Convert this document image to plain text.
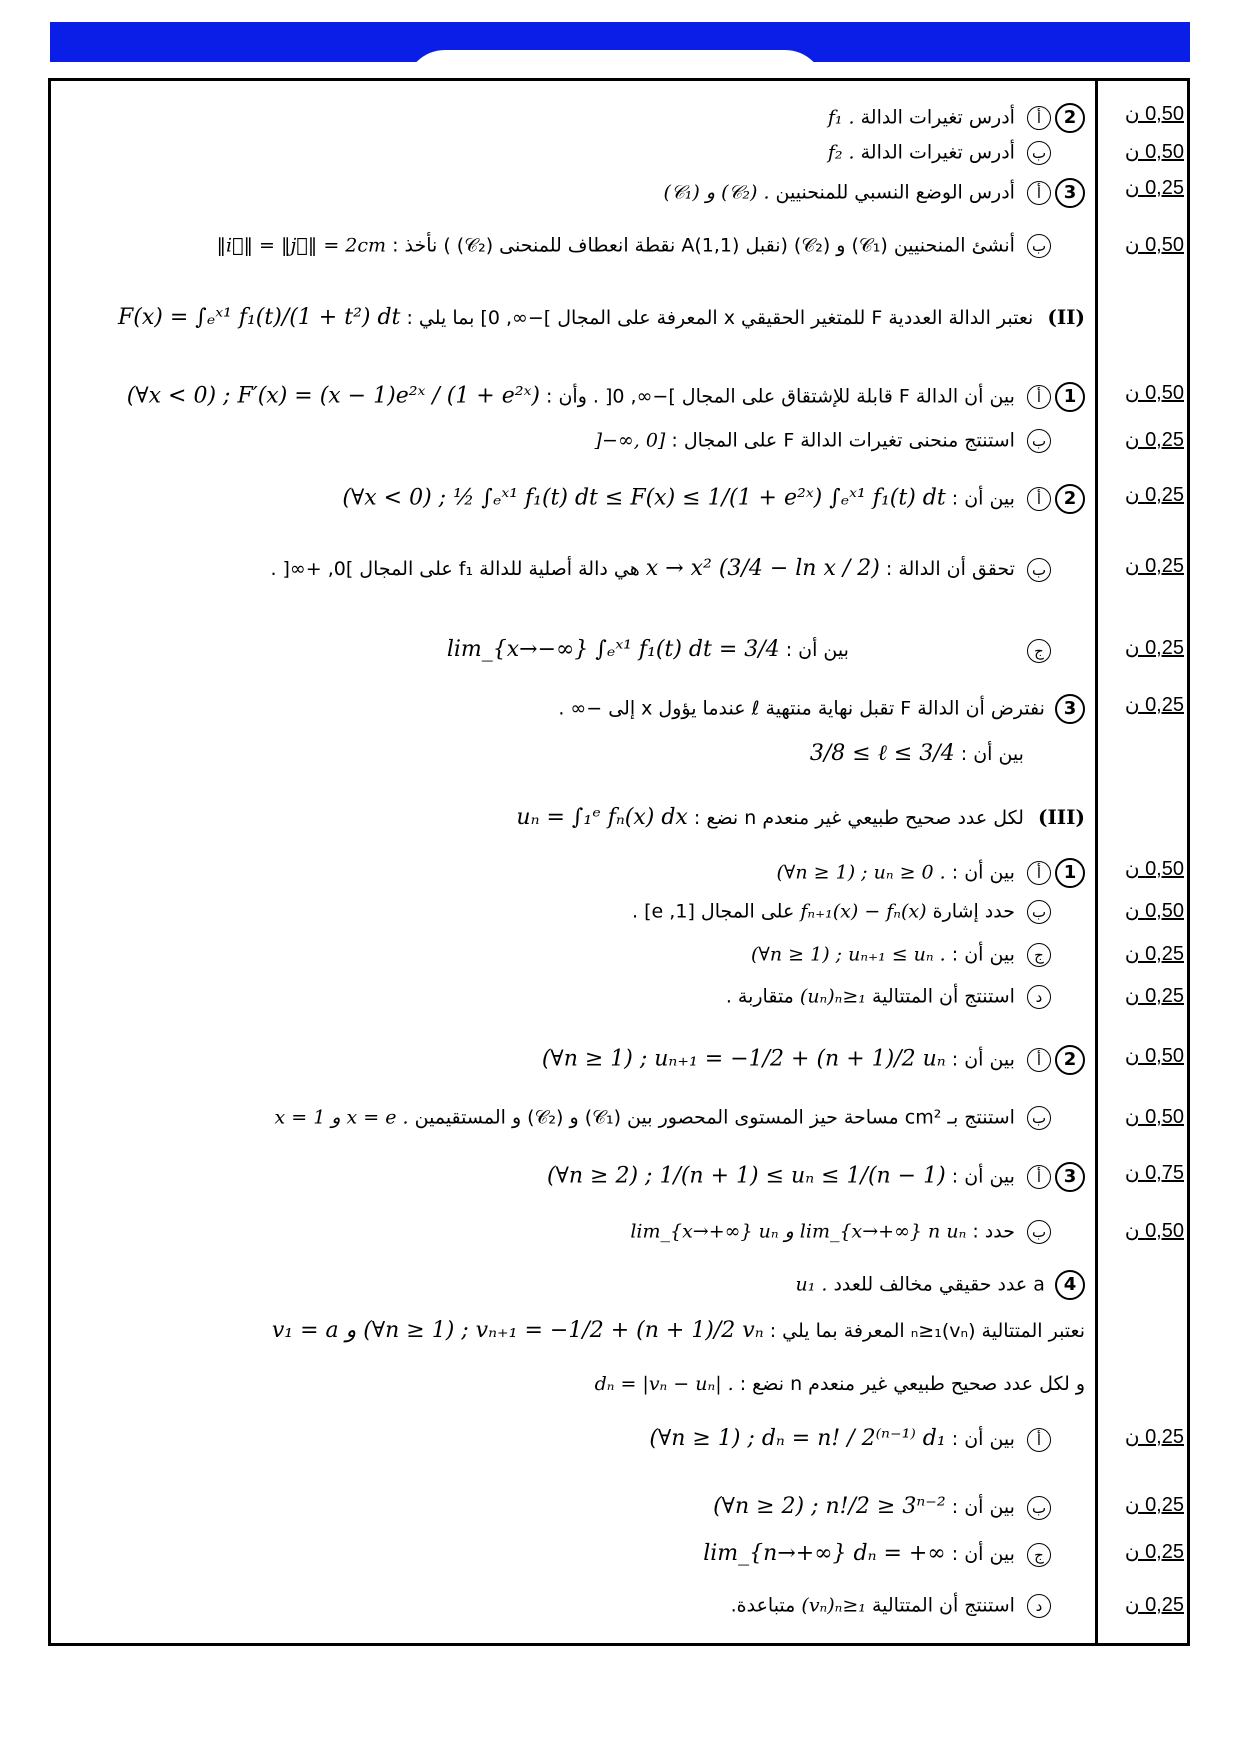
0,50 ن
2أ أدرس تغيرات الدالة f₁ .
0,50 ن
ب أدرس تغيرات الدالة f₂ .
0,25 ن
3أ أدرس الوضع النسبي للمنحنيين (𝒞₁) و (𝒞₂) .
0,50 ن
ب أنشئ المنحنيين (𝒞₁) و (𝒞₂) (نقبل A(1,1) نقطة انعطاف للمنحنى (𝒞₂) ) نأخذ : ‖i⃗‖ = ‖j⃗‖ = 2cm
(II) نعتبر الدالة العددية F للمتغير الحقيقي x المعرفة على المجال ]−∞, 0] بما يلي : F(x) = ∫ₑˣ¹ f₁(t)/(1 + t²) dt
0,50 ن
1أ بين أن الدالة F قابلة للإشتقاق على المجال ]−∞, 0[ . وأن : (∀x < 0) ; F′(x) = (x − 1)e²ˣ / (1 + e²ˣ)
0,25 ن
ب استنتج منحنى تغيرات الدالة F على المجال : ]−∞, 0]
0,25 ن
2أ بين أن : (∀x < 0) ; ½ ∫ₑˣ¹ f₁(t) dt ≤ F(x) ≤ 1/(1 + e²ˣ) ∫ₑˣ¹ f₁(t) dt
0,25 ن
ب تحقق أن الدالة : x → x² (3/4 − ln x / 2) هي دالة أصلية للدالة f₁ على المجال ]0, +∞[ .
0,25 ن
ج  بين أن : lim_{x→−∞} ∫ₑˣ¹ f₁(t) dt = 3/4
0,25 ن
3 نفترض أن الدالة F تقبل نهاية منتهية ℓ عندما يؤول x إلى −∞ .
بين أن : 3/8 ≤ ℓ ≤ 3/4
(III) لكل عدد صحيح طبيعي غير منعدم n نضع : uₙ = ∫₁ᵉ fₙ(x) dx
0,50 ن
1أ بين أن : (∀n ≥ 1) ; uₙ ≥ 0 .
0,50 ن
ب حدد إشارة fₙ₊₁(x) − fₙ(x) على المجال [1, e] .
0,25 ن
ج بين أن : (∀n ≥ 1) ; uₙ₊₁ ≤ uₙ .
0,25 ن
د استنتج أن المتتالية (uₙ)ₙ≥₁ متقاربة .
0,50 ن
2أ بين أن : (∀n ≥ 1) ; uₙ₊₁ = −1/2 + (n + 1)/2 uₙ
0,50 ن
ب استنتج بـ cm² مساحة حيز المستوى المحصور بين (𝒞₁) و (𝒞₂) و المستقيمين x = 1 و x = e .
0,75 ن
3أ بين أن : (∀n ≥ 2) ; 1/(n + 1) ≤ uₙ ≤ 1/(n − 1)
0,50 ن
ب حدد : lim_{x→+∞} uₙ و lim_{x→+∞} n uₙ
4 a عدد حقيقي مخالف للعدد u₁ .
نعتبر المتتالية (vₙ)ₙ≥₁ المعرفة بما يلي : v₁ = a و (∀n ≥ 1) ; vₙ₊₁ = −1/2 + (n + 1)/2 vₙ
و لكل عدد صحيح طبيعي غير منعدم n نضع : dₙ = |vₙ − uₙ| .
0,25 ن
أ بين أن : (∀n ≥ 1) ; dₙ = n! / 2⁽ⁿ⁻¹⁾ d₁
0,25 ن
ب بين أن : (∀n ≥ 2) ; n!/2 ≥ 3ⁿ⁻²
0,25 ن
ج بين أن : lim_{n→+∞} dₙ = +∞
0,25 ن
د استنتج أن المتتالية (vₙ)ₙ≥₁ متباعدة.
